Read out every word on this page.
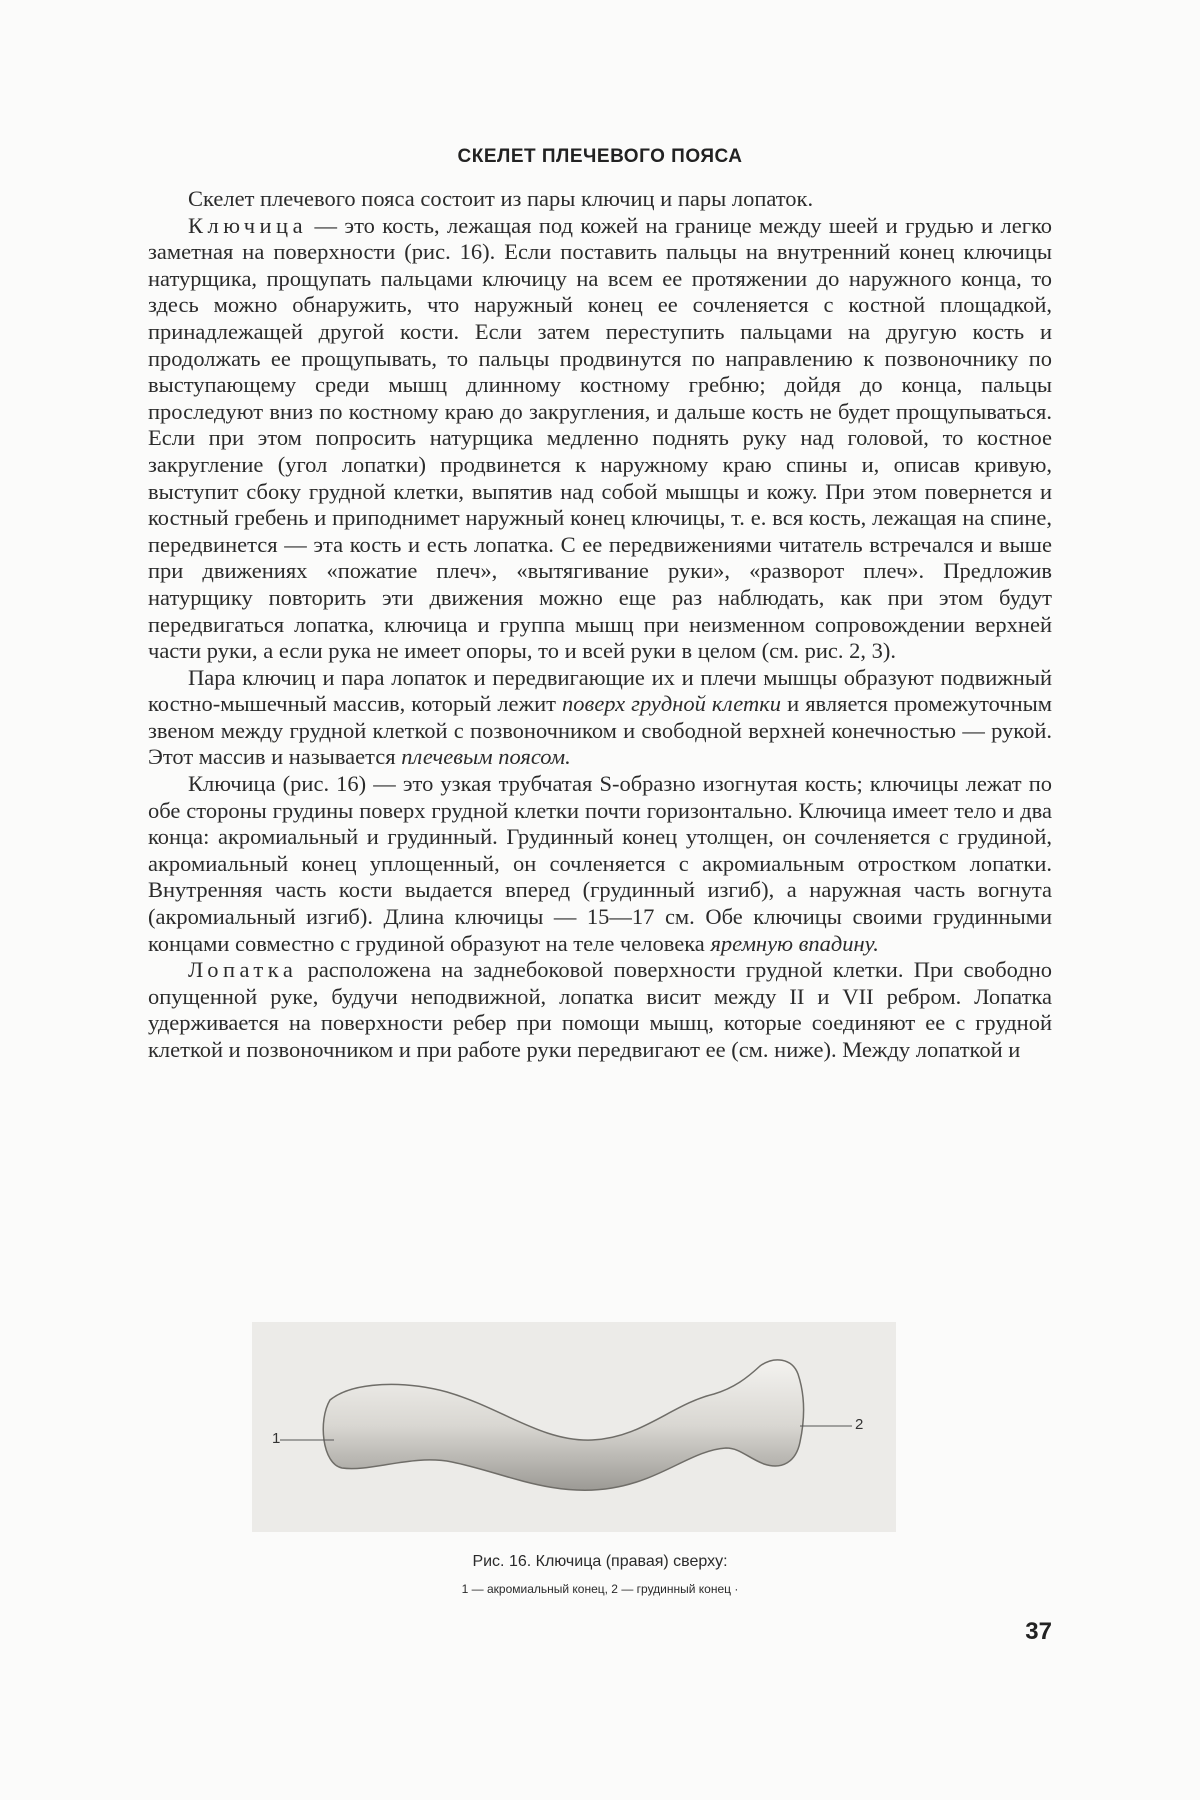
СКЕЛЕТ ПЛЕЧЕВОГО ПОЯСА

Скелет плечевого пояса состоит из пары ключиц и пары лопаток.

Ключица — это кость, лежащая под кожей на границе между шеей и грудью и легко заметная на поверхности (рис. 16). Если поставить пальцы на внутренний конец ключицы натурщика, прощупать пальцами ключицу на всем ее протяжении до наружного конца, то здесь можно обнаружить, что наружный конец ее сочленяется с костной площадкой, принадлежащей другой кости. Если затем переступить пальцами на другую кость и продолжать ее прощупывать, то пальцы продвинутся по направлению к позвоночнику по выступающему среди мышц длинному костному гребню; дойдя до конца, пальцы проследуют вниз по костному краю до закругления, и дальше кость не будет прощупываться. Если при этом попросить натурщика медленно поднять руку над головой, то костное закругление (угол лопатки) продвинется к наружному краю спины и, описав кривую, выступит сбоку грудной клетки, выпятив над собой мышцы и кожу. При этом повернется и костный гребень и приподнимет наружный конец ключицы, т. е. вся кость, лежащая на спине, передвинется — эта кость и есть лопатка. С ее передвижениями читатель встречался и выше при движениях «пожатие плеч», «вытягивание руки», «разворот плеч». Предложив натурщику повторить эти движения можно еще раз наблюдать, как при этом будут передвигаться лопатка, ключица и группа мышц при неизменном сопровождении верхней части руки, а если рука не имеет опоры, то и всей руки в целом (см. рис. 2, 3).

Пара ключиц и пара лопаток и передвигающие их и плечи мышцы образуют подвижный костно-мышечный массив, который лежит поверх грудной клетки и является промежуточным звеном между грудной клеткой с позвоночником и свободной верхней конечностью — рукой. Этот массив и называется плечевым поясом.

Ключица (рис. 16) — это узкая трубчатая S-образно изогнутая кость; ключицы лежат по обе стороны грудины поверх грудной клетки почти горизонтально. Ключица имеет тело и два конца: акромиальный и грудинный. Грудинный конец утолщен, он сочленяется с грудиной, акромиальный конец уплощенный, он сочленяется с акромиальным отростком лопатки. Внутренняя часть кости выдается вперед (грудинный изгиб), а наружная часть вогнута (акромиальный изгиб). Длина ключицы — 15—17 см. Обе ключицы своими грудинными концами совместно с грудиной образуют на теле человека яремную впадину.

Лопатка расположена на заднебоковой поверхности грудной клетки. При свободно опущенной руке, будучи неподвижной, лопатка висит между II и VII ребром. Лопатка удерживается на поверхности ребер при помощи мышц, которые соединяют ее с грудной клеткой и позвоночником и при работе руки передвигают ее (см. ниже). Между лопаткой и

1
2
Рис. 16. Ключица (правая) сверху:
1 — акромиальный конец, 2 — грудинный конец ·
37
